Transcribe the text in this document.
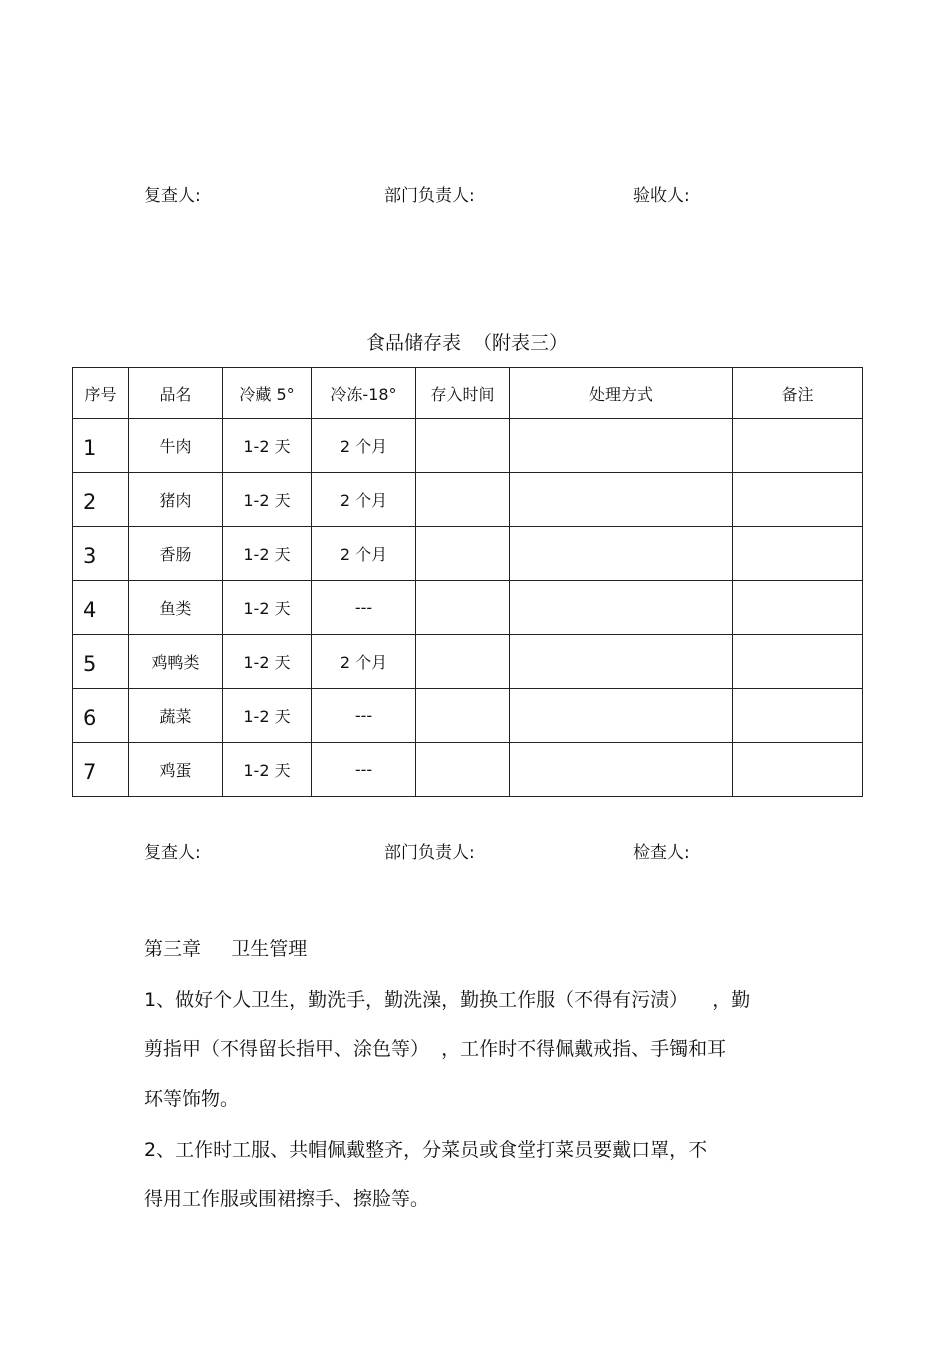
复查人:	部门负责人:	验收人:
食品储存表  （附表三）
序号	品名	冷藏 5°	冷冻-18°	存入时间	处理方式	备注
1	牛肉	1-2 天	2 个月			
2	猪肉	1-2 天	2 个月			
3	香肠	1-2 天	2 个月			
4	鱼类	1-2 天	---			
5	鸡鸭类	1-2 天	2 个月			
6	蔬菜	1-2 天	---			
7	鸡蛋	1-2 天	---			
复查人:	部门负责人:	检查人:
第三章     卫生管理
1、做好个人卫生，勤洗手，勤洗澡，勤换工作服（不得有污渍）    ，勤
剪指甲（不得留长指甲、涂色等）  ，工作时不得佩戴戒指、手镯和耳
环等饰物。
2、工作时工服、共帽佩戴整齐，分菜员或食堂打菜员要戴口罩，不
得用工作服或围裙擦手、擦脸等。
